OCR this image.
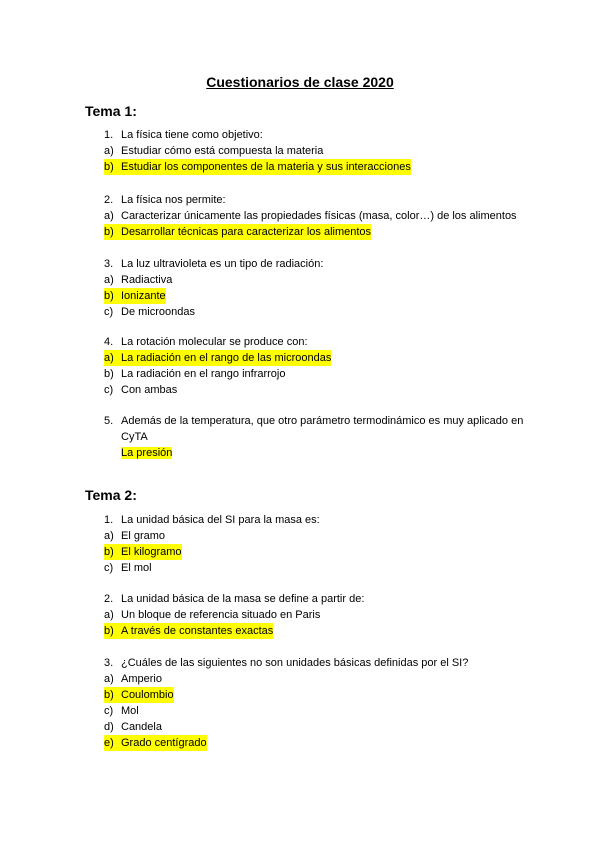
Cuestionarios de clase 2020
Tema 1:
1. La física tiene como objetivo:
a) Estudiar cómo está compuesta la materia
b) Estudiar los componentes de la materia y sus interacciones
2. La física nos permite:
a) Caracterizar únicamente las propiedades físicas (masa, color…) de los alimentos
b) Desarrollar técnicas para caracterizar los alimentos
3. La luz ultravioleta es un tipo de radiación:
a) Radiactiva
b) Ionizante
c) De microondas
4. La rotación molecular se produce con:
a) La radiación en el rango de las microondas
b) La radiación en el rango infrarrojo
c) Con ambas
5. Además de la temperatura, que otro parámetro termodinámico es muy aplicado en CyTA
La presión
Tema 2:
1. La unidad básica del SI para la masa es:
a) El gramo
b) El kilogramo
c) El mol
2. La unidad básica de la masa se define a partir de:
a) Un bloque de referencia situado en Paris
b) A través de constantes exactas
3. ¿Cuáles de las siguientes no son unidades básicas definidas por el SI?
a) Amperio
b) Coulombio
c) Mol
d) Candela
e) Grado centígrado
